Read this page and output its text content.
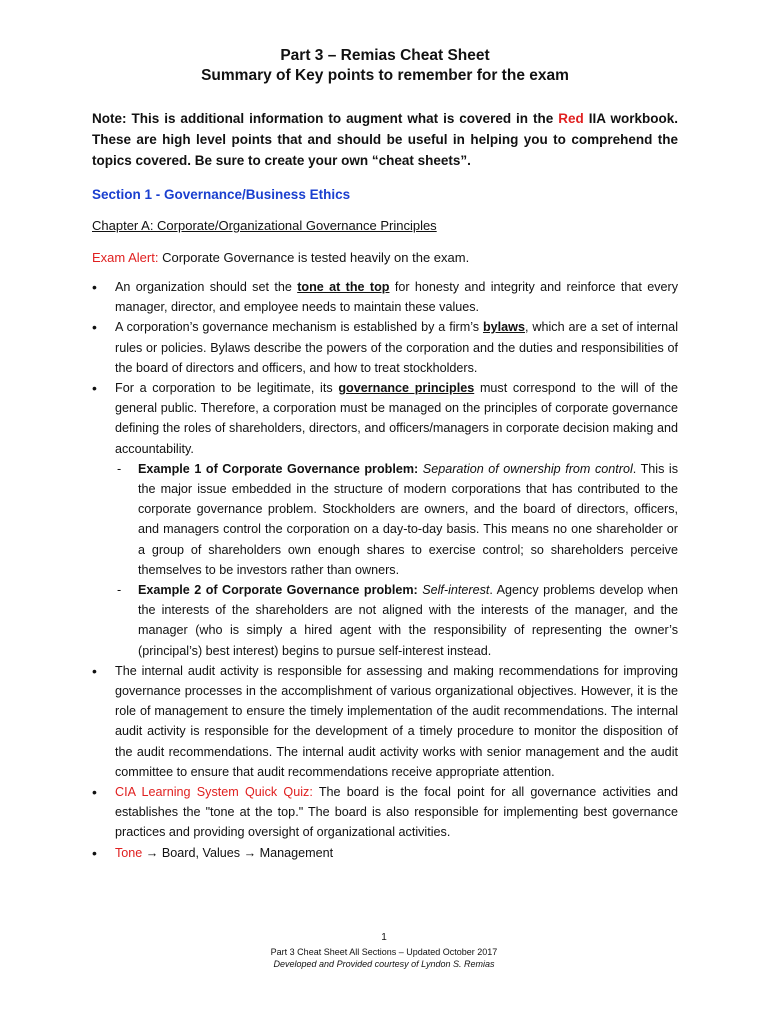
Part 3 – Remias Cheat Sheet
Summary of Key points to remember for the exam
Note: This is additional information to augment what is covered in the Red IIA workbook. These are high level points that and should be useful in helping you to comprehend the topics covered. Be sure to create your own “cheat sheets”.
Section 1 - Governance/Business Ethics
Chapter A: Corporate/Organizational Governance Principles
Exam Alert: Corporate Governance is tested heavily on the exam.
• An organization should set the tone at the top for honesty and integrity and reinforce that every manager, director, and employee needs to maintain these values.
• A corporation’s governance mechanism is established by a firm’s bylaws, which are a set of internal rules or policies. Bylaws describe the powers of the corporation and the duties and responsibilities of the board of directors and officers, and how to treat stockholders.
• For a corporation to be legitimate, its governance principles must correspond to the will of the general public. Therefore, a corporation must be managed on the principles of corporate governance defining the roles of shareholders, directors, and officers/managers in corporate decision making and accountability.
- Example 1 of Corporate Governance problem: Separation of ownership from control. This is the major issue embedded in the structure of modern corporations that has contributed to the corporate governance problem. Stockholders are owners, and the board of directors, officers, and managers control the corporation on a day-to-day basis. This means no one shareholder or a group of shareholders own enough shares to exercise control; so shareholders perceive themselves to be investors rather than owners.
- Example 2 of Corporate Governance problem: Self-interest. Agency problems develop when the interests of the shareholders are not aligned with the interests of the manager, and the manager (who is simply a hired agent with the responsibility of representing the owner’s (principal’s) best interest) begins to pursue self-interest instead.
• The internal audit activity is responsible for assessing and making recommendations for improving governance processes in the accomplishment of various organizational objectives. However, it is the role of management to ensure the timely implementation of the audit recommendations. The internal audit activity is responsible for the development of a timely procedure to monitor the disposition of the audit recommendations. The internal audit activity works with senior management and the audit committee to ensure that audit recommendations receive appropriate attention.
• CIA Learning System Quick Quiz: The board is the focal point for all governance activities and establishes the "tone at the top." The board is also responsible for implementing best governance practices and providing oversight of organizational activities.
• Tone → Board, Values → Management
1
Part 3 Cheat Sheet All Sections – Updated October 2017
Developed and Provided courtesy of Lyndon S. Remias
